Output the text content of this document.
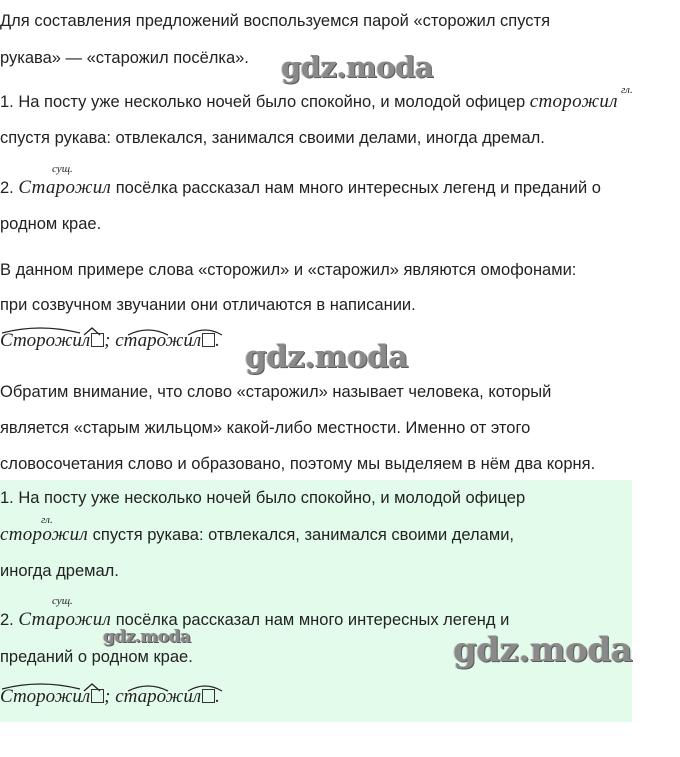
Для составления предложений воспользуемся парой «сторожил спустя
рукава» — «старожил посёлка». gdz.moda
гл.
1. На посту уже несколько ночей было спокойно, и молодой офицер сторожил
спустя рукава: отвлекался, занимался своими делами, иногда дремал.
сущ.
2. Старожил посёлка рассказал нам много интересных легенд и преданий о
родном крае.
В данном примере слова «сторожил» и «старожил» являются омофонами:
при созвучном звучании они отличаются в написании.
Сторожил ; старожил . gdz.moda
Обратим внимание, что слово «старожил» называет человека, который
является «старым жильцом» какой-либо местности. Именно от этого
словосочетания слово и образовано, поэтому мы выделяем в нём два корня.
1. На посту уже несколько ночей было спокойно, и молодой офицер
гл.
сторожил спустя рукава: отвлекался, занимался своими делами,
иногда дремал.
сущ.
2. Старожил посёлка рассказал нам много интересных легенд и
gdz.moda
преданий о родном крае.	gdz.moda
Сторожил ; старожил .
